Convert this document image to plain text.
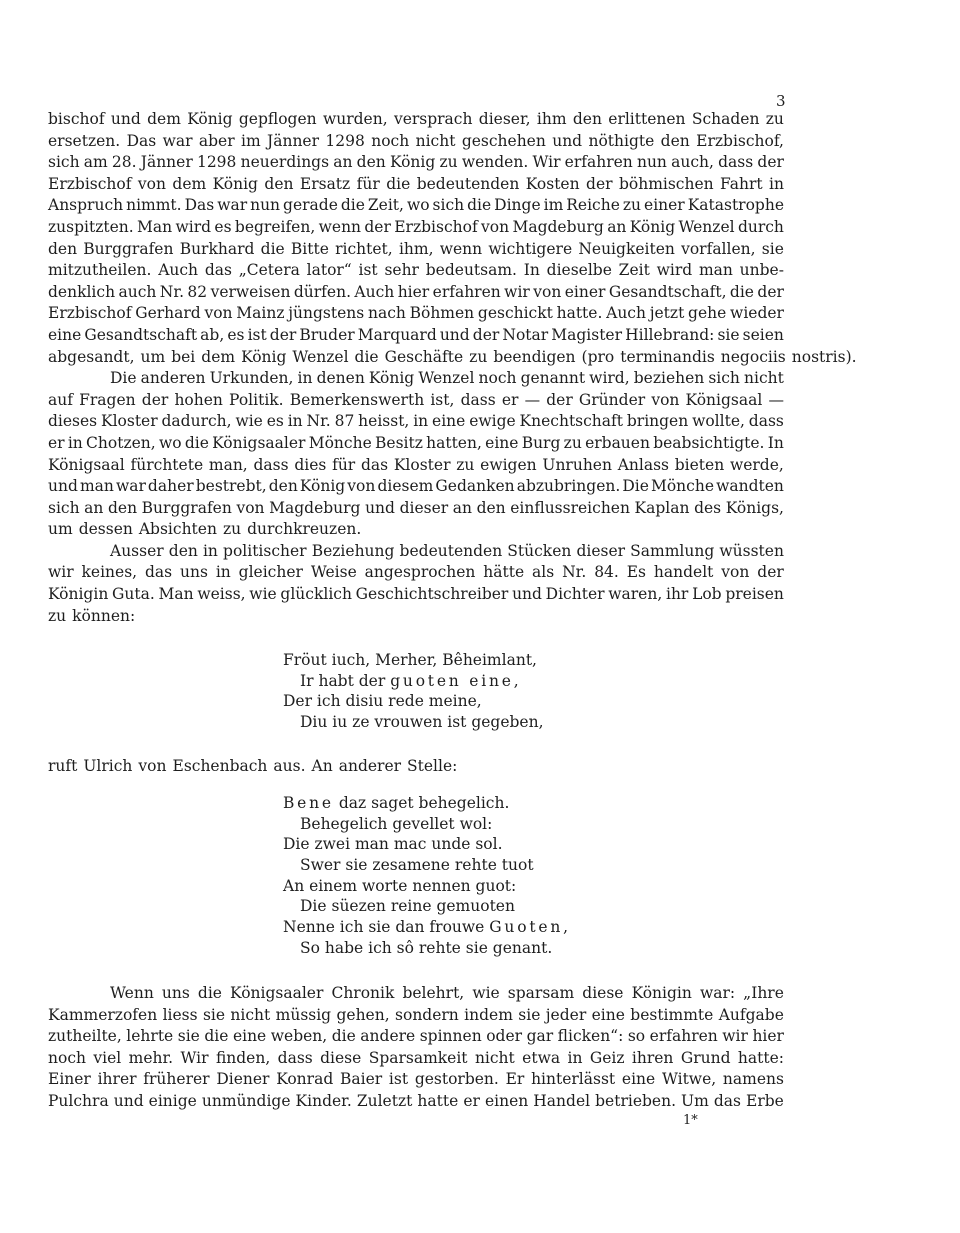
3
bischof und dem König gepflogen wurden, versprach dieser, ihm den erlittenen Schaden zu
ersetzen. Das war aber im Jänner 1298 noch nicht geschehen und nöthigte den Erzbischof,
sich am 28. Jänner 1298 neuerdings an den König zu wenden. Wir erfahren nun auch, dass der
Erzbischof von dem König den Ersatz für die bedeutenden Kosten der böhmischen Fahrt in
Anspruch nimmt. Das war nun gerade die Zeit, wo sich die Dinge im Reiche zu einer Katastrophe
zuspitzten. Man wird es begreifen, wenn der Erzbischof von Magdeburg an König Wenzel durch
den Burggrafen Burkhard die Bitte richtet, ihm, wenn wichtigere Neuigkeiten vorfallen, sie
mitzutheilen. Auch das „Cetera lator“ ist sehr bedeutsam. In dieselbe Zeit wird man unbe-
denklich auch Nr. 82 verweisen dürfen. Auch hier erfahren wir von einer Gesandtschaft, die der
Erzbischof Gerhard von Mainz jüngstens nach Böhmen geschickt hatte. Auch jetzt gehe wieder
eine Gesandtschaft ab, es ist der Bruder Marquard und der Notar Magister Hillebrand: sie seien
abgesandt, um bei dem König Wenzel die Geschäfte zu beendigen (pro terminandis negociis nostris).
Die anderen Urkunden, in denen König Wenzel noch genannt wird, beziehen sich nicht
auf Fragen der hohen Politik. Bemerkenswerth ist, dass er — der Gründer von Königsaal —
dieses Kloster dadurch, wie es in Nr. 87 heisst, in eine ewige Knechtschaft bringen wollte, dass
er in Chotzen, wo die Königsaaler Mönche Besitz hatten, eine Burg zu erbauen beabsichtigte. In
Königsaal fürchtete man, dass dies für das Kloster zu ewigen Unruhen Anlass bieten werde,
und man war daher bestrebt, den König von diesem Gedanken abzubringen. Die Mönche wandten
sich an den Burggrafen von Magdeburg und dieser an den einflussreichen Kaplan des Königs,
um dessen Absichten zu durchkreuzen.
Ausser den in politischer Beziehung bedeutenden Stücken dieser Sammlung wüssten
wir keines, das uns in gleicher Weise angesprochen hätte als Nr. 84. Es handelt von der
Königin Guta. Man weiss, wie glücklich Geschichtschreiber und Dichter waren, ihr Lob preisen
zu können:
Fröut iuch, Merher, Bêheimlant,
Ir habt der guoten eine,
Der ich disiu rede meine,
Diu iu ze vrouwen ist gegeben,
ruft Ulrich von Eschenbach aus. An anderer Stelle:
Bene daz saget behegelich.
Behegelich gevellet wol:
Die zwei man mac unde sol.
Swer sie zesamene rehte tuot
An einem worte nennen guot:
Die süezen reine gemuoten
Nenne ich sie dan frouwe Guoten,
So habe ich sô rehte sie genant.
Wenn uns die Königsaaler Chronik belehrt, wie sparsam diese Königin war: „Ihre
Kammerzofen liess sie nicht müssig gehen, sondern indem sie jeder eine bestimmte Aufgabe
zutheilte, lehrte sie die eine weben, die andere spinnen oder gar flicken“: so erfahren wir hier
noch viel mehr. Wir finden, dass diese Sparsamkeit nicht etwa in Geiz ihren Grund hatte:
Einer ihrer früherer Diener Konrad Baier ist gestorben. Er hinterlässt eine Witwe, namens
Pulchra und einige unmündige Kinder. Zuletzt hatte er einen Handel betrieben. Um das Erbe
1*
